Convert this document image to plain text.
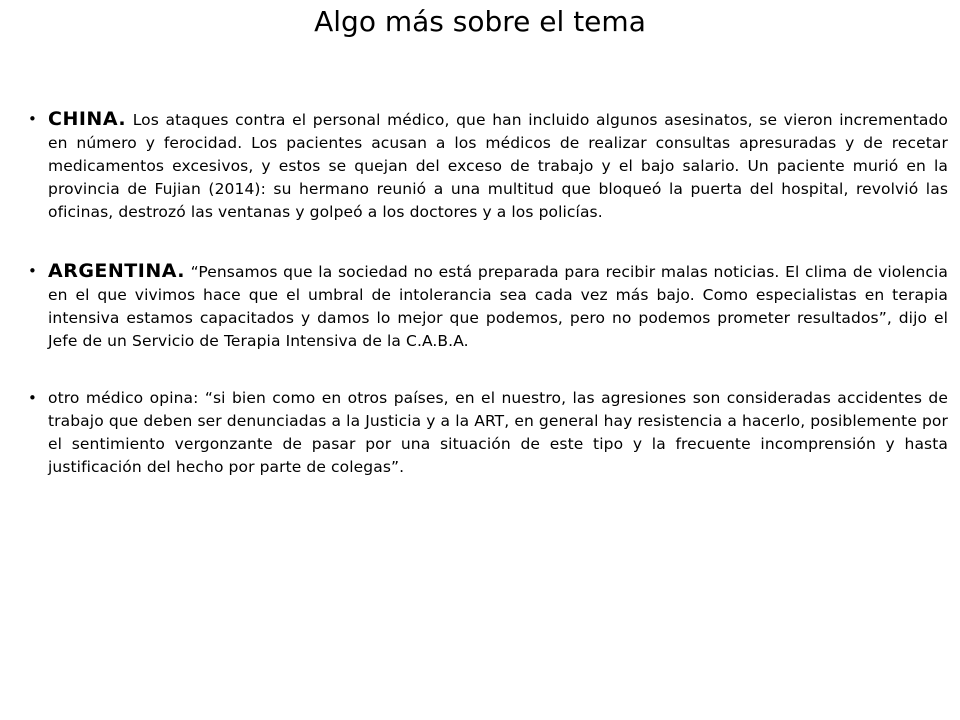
Algo más sobre el tema
• CHINA. Los ataques contra el personal médico, que han incluido algunos asesinatos, se vieron incrementado en número y ferocidad. Los pacientes acusan a los médicos de realizar consultas apresuradas y de recetar medicamentos excesivos, y estos se quejan del exceso de trabajo y el bajo salario. Un paciente murió en la provincia de Fujian (2014): su hermano reunió a una multitud que bloqueó la puerta del hospital, revolvió las oficinas, destrozó las ventanas y golpeó a los doctores y a los policías.
• ARGENTINA. “Pensamos que la sociedad no está preparada para recibir malas noticias. El clima de violencia en el que vivimos hace que el umbral de intolerancia sea cada vez más bajo. Como especialistas en terapia intensiva estamos capacitados y damos lo mejor que podemos, pero no podemos prometer resultados”, dijo el Jefe de un Servicio de Terapia Intensiva de la C.A.B.A.
• otro médico opina: “si bien como en otros países, en el nuestro, las agresiones son consideradas accidentes de trabajo que deben ser denunciadas a la Justicia y a la ART, en general hay resistencia a hacerlo, posiblemente por el sentimiento vergonzante de pasar por una situación de este tipo y la frecuente incomprensión y hasta justificación del hecho por parte de colegas”.
